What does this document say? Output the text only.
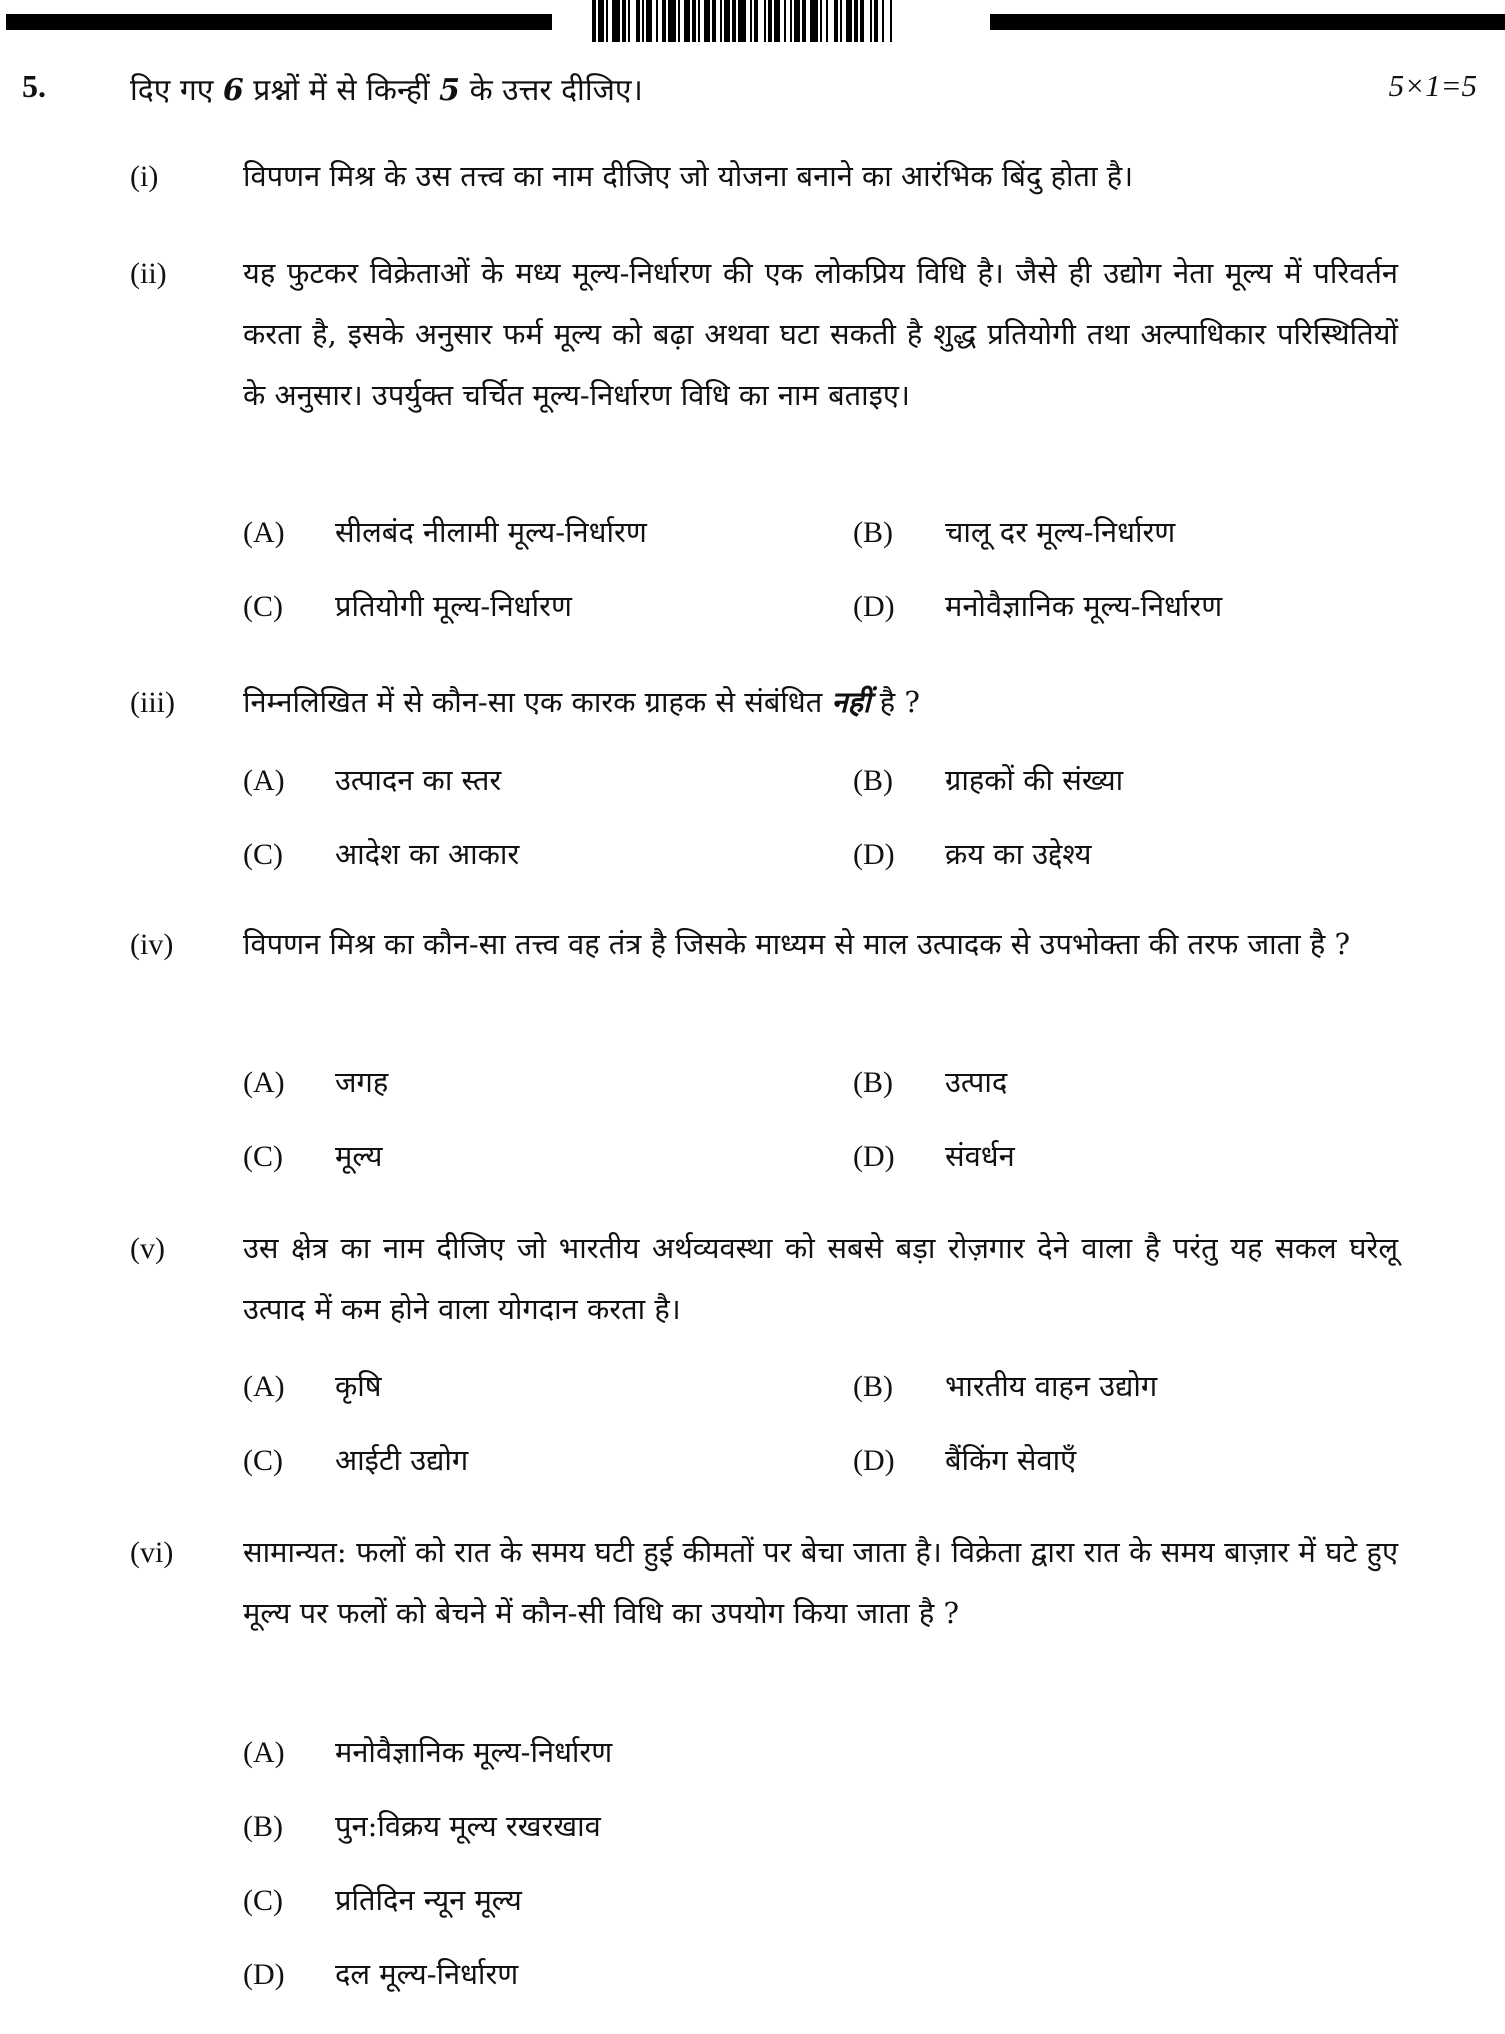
5.	दिए गए 6 प्रश्नों में से किन्हीं 5 के उत्तर दीजिए।	5×1=5
(i)	विपणन मिश्र के उस तत्त्व का नाम दीजिए जो योजना बनाने का आरंभिक बिंदु होता है।
(ii)	यह फुटकर विक्रेताओं के मध्य मूल्य-निर्धारण की एक लोकप्रिय विधि है। जैसे ही उद्योग नेता मूल्य में परिवर्तन करता है, इसके अनुसार फर्म मूल्य को बढ़ा अथवा घटा सकती है शुद्ध प्रतियोगी तथा अल्पाधिकार परिस्थितियों के अनुसार। उपर्युक्त चर्चित मूल्य-निर्धारण विधि का नाम बताइए।
(A) सीलबंद नीलामी मूल्य-निर्धारण	(B) चालू दर मूल्य-निर्धारण
(C) प्रतियोगी मूल्य-निर्धारण	(D) मनोवैज्ञानिक मूल्य-निर्धारण
(iii) निम्नलिखित में से कौन-सा एक कारक ग्राहक से संबंधित नहीं है ?
(A) उत्पादन का स्तर	(B) ग्राहकों की संख्या
(C) आदेश का आकार	(D) क्रय का उद्देश्य
(iv) विपणन मिश्र का कौन-सा तत्त्व वह तंत्र है जिसके माध्यम से माल उत्पादक से उपभोक्ता की तरफ जाता है ?
(A) जगह	(B) उत्पाद
(C) मूल्य	(D) संवर्धन
(v)	उस क्षेत्र का नाम दीजिए जो भारतीय अर्थव्यवस्था को सबसे बड़ा रोज़गार देने वाला है परंतु यह सकल घरेलू उत्पाद में कम होने वाला योगदान करता है।
(A) कृषि	(B) भारतीय वाहन उद्योग
(C) आईटी उद्योग	(D) बैंकिंग सेवाएँ
(vi) सामान्यत: फलों को रात के समय घटी हुई कीमतों पर बेचा जाता है। विक्रेता द्वारा रात के समय बाज़ार में घटे हुए मूल्य पर फलों को बेचने में कौन-सी विधि का उपयोग किया जाता है ?
(A) मनोवैज्ञानिक मूल्य-निर्धारण
(B) पुन:विक्रय मूल्य रखरखाव
(C) प्रतिदिन न्यून मूल्य
(D) दल मूल्य-निर्धारण
